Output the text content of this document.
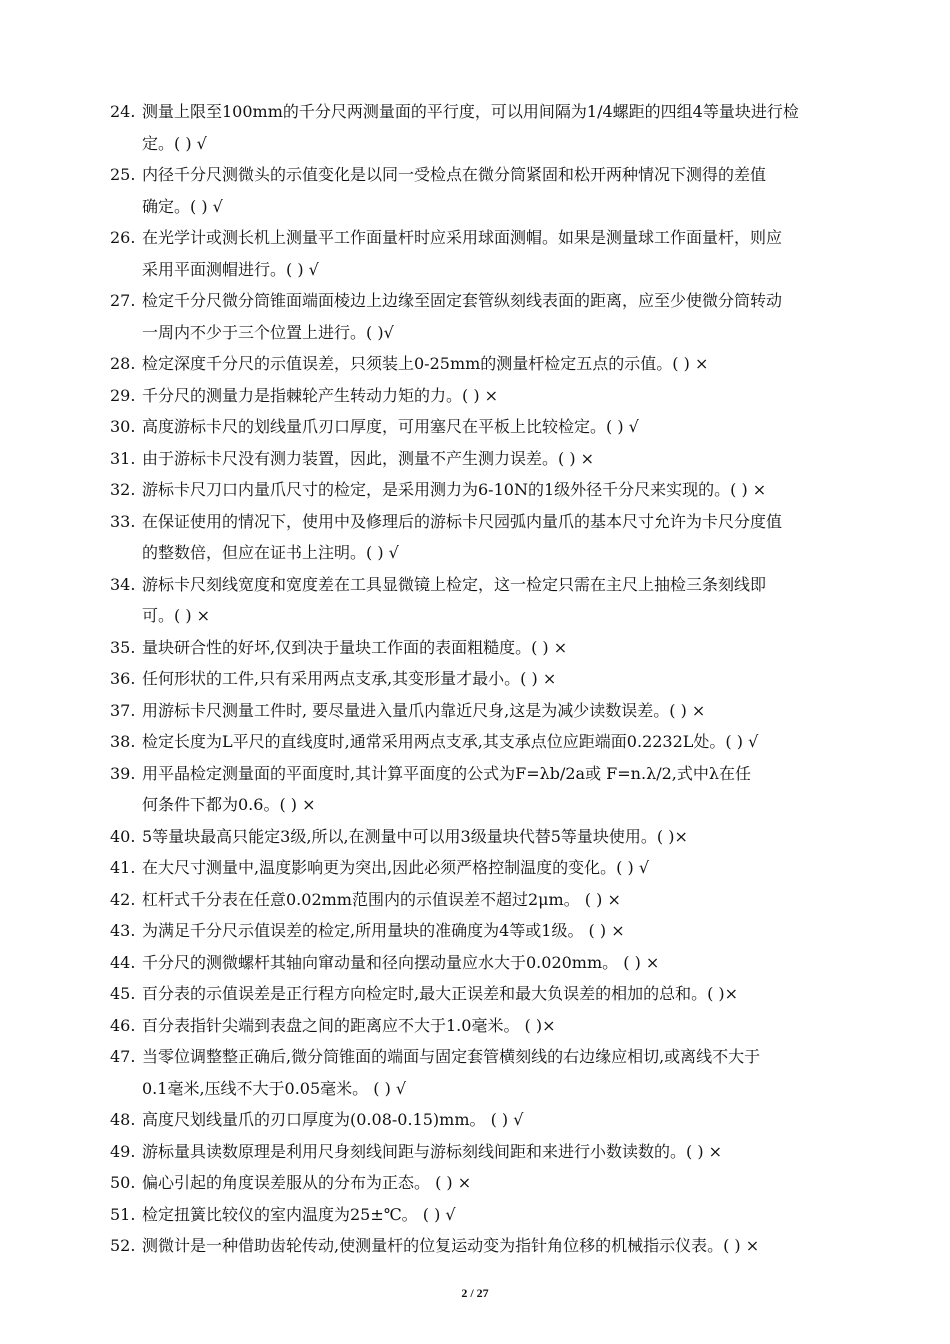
24. 测量上限至100mm的千分尺两测量面的平行度，可以用间隔为1/4螺距的四组4等量块进行检
定。( ) √
25. 内径千分尺测微头的示值变化是以同一受检点在微分筒紧固和松开两种情况下测得的差值
确定。( ) √
26. 在光学计或测长机上测量平工作面量杆时应采用球面测帽。如果是测量球工作面量杆，则应
采用平面测帽进行。( ) √
27. 检定千分尺微分筒锥面端面棱边上边缘至固定套管纵刻线表面的距离，应至少使微分筒转动
一周内不少于三个位置上进行。( )√
28. 检定深度千分尺的示值误差，只须装上0-25mm的测量杆检定五点的示值。( ) ×
29. 千分尺的测量力是指棘轮产生转动力矩的力。( ) ×
30. 高度游标卡尺的划线量爪刃口厚度，可用塞尺在平板上比较检定。( ) √
31. 由于游标卡尺没有测力装置，因此，测量不产生测力误差。( ) ×
32. 游标卡尺刀口内量爪尺寸的检定，是采用测力为6-10N的1级外径千分尺来实现的。( ) ×
33. 在保证使用的情况下，使用中及修理后的游标卡尺园弧内量爪的基本尺寸允许为卡尺分度值
的整数倍，但应在证书上注明。( ) √
34. 游标卡尺刻线宽度和宽度差在工具显微镜上检定，这一检定只需在主尺上抽检三条刻线即
可。( ) ×
35. 量块研合性的好坏,仅到决于量块工作面的表面粗糙度。( ) ×
36. 任何形状的工件,只有采用两点支承,其变形量才最小。( ) ×
37. 用游标卡尺测量工件时, 要尽量进入量爪内靠近尺身,这是为减少读数误差。( ) ×
38. 检定长度为L平尺的直线度时,通常采用两点支承,其支承点位应距端面0.2232L处。( ) √
39. 用平晶检定测量面的平面度时,其计算平面度的公式为F=λb/2a或 F=n.λ/2,式中λ在任
何条件下都为0.6。( ) ×
40. 5等量块最高只能定3级,所以,在测量中可以用3级量块代替5等量块使用。( )×
41. 在大尺寸测量中,温度影响更为突出,因此必须严格控制温度的变化。( ) √
42. 杠杆式千分表在任意0.02mm范围内的示值误差不超过2μm。 ( ) ×
43. 为满足千分尺示值误差的检定,所用量块的准确度为4等或1级。 ( ) ×
44. 千分尺的测微螺杆其轴向窜动量和径向摆动量应水大于0.020mm。 ( ) ×
45. 百分表的示值误差是正行程方向检定时,最大正误差和最大负误差的相加的总和。( )×
46. 百分表指针尖端到表盘之间的距离应不大于1.0毫米。 ( )×
47. 当零位调整整正确后,微分筒锥面的端面与固定套管横刻线的右边缘应相切,或离线不大于
0.1毫米,压线不大于0.05毫米。 ( ) √
48. 高度尺划线量爪的刃口厚度为(0.08-0.15)mm。 ( ) √
49. 游标量具读数原理是利用尺身刻线间距与游标刻线间距和来进行小数读数的。( ) ×
50. 偏心引起的角度误差服从的分布为正态。 ( ) ×
51. 检定扭簧比较仪的室内温度为25±℃。 ( ) √
52. 测微计是一种借助齿轮传动,使测量杆的位复运动变为指针角位移的机械指示仪表。( ) ×
2 / 27
